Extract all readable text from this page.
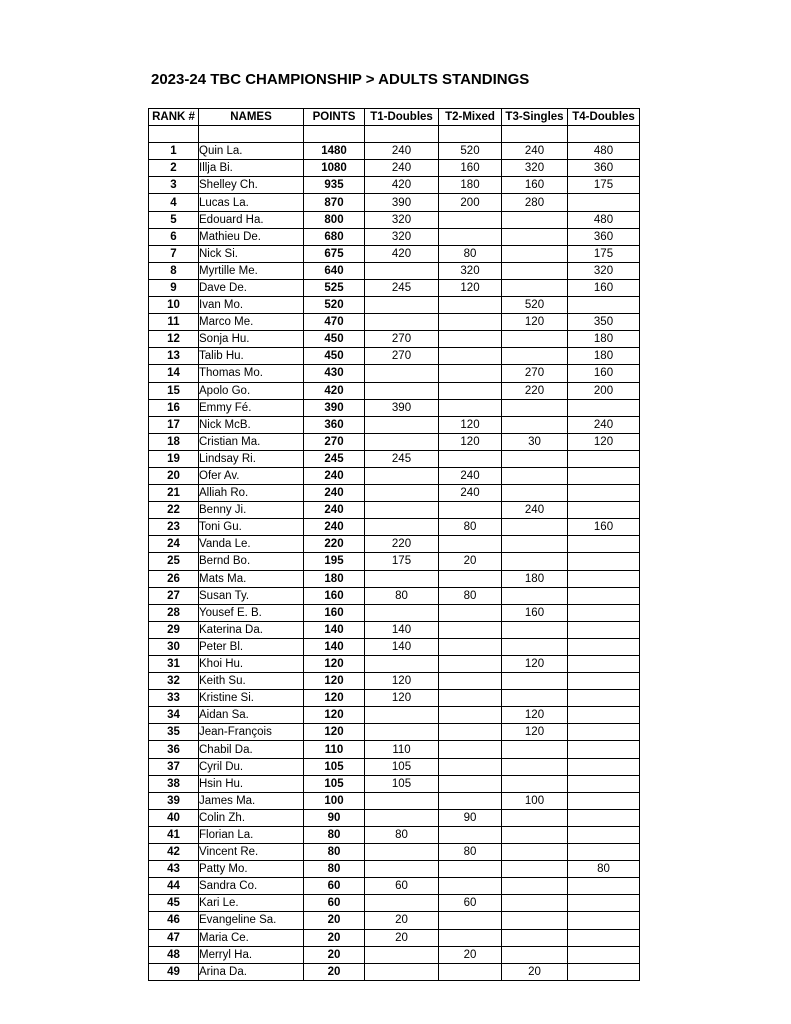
2023-24 TBC CHAMPIONSHIP > ADULTS STANDINGS
RANK #	NAMES	POINTS	T1-Doubles	T2-Mixed	T3-Singles	T4-Doubles

1	Quin La.	1480	240	520	240	480
2	Illja Bi.	1080	240	160	320	360
3	Shelley Ch.	935	420	180	160	175
4	Lucas La.	870	390	200	280	
5	Edouard Ha.	800	320			480
6	Mathieu De.	680	320			360
7	Nick Si.	675	420	80		175
8	Myrtille Me.	640		320		320
9	Dave De.	525	245	120		160
10	Ivan Mo.	520			520	
11	Marco Me.	470			120	350
12	Sonja Hu.	450	270			180
13	Talib Hu.	450	270			180
14	Thomas Mo.	430			270	160
15	Apolo Go.	420			220	200
16	Emmy Fé.	390	390			
17	Nick McB.	360		120		240
18	Cristian Ma.	270		120	30	120
19	Lindsay Ri.	245	245			
20	Ofer Av.	240		240		
21	Alliah Ro.	240		240		
22	Benny Ji.	240			240	
23	Toni Gu.	240		80		160
24	Vanda Le.	220	220			
25	Bernd Bo.	195	175	20		
26	Mats Ma.	180			180	
27	Susan Ty.	160	80	80		
28	Yousef E. B.	160			160	
29	Katerina Da.	140	140			
30	Peter Bl.	140	140			
31	Khoi Hu.	120			120	
32	Keith Su.	120	120			
33	Kristine Si.	120	120			
34	Aidan Sa.	120			120	
35	Jean-François	120			120	
36	Chabil Da.	110	110			
37	Cyril Du.	105	105			
38	Hsin Hu.	105	105			
39	James Ma.	100			100	
40	Colin Zh.	90		90		
41	Florian La.	80	80			
42	Vincent Re.	80		80		
43	Patty Mo.	80				80
44	Sandra Co.	60	60			
45	Kari Le.	60		60		
46	Evangeline Sa.	20	20			
47	Maria Ce.	20	20			
48	Merryl Ha.	20		20		
49	Arina Da.	20			20	
